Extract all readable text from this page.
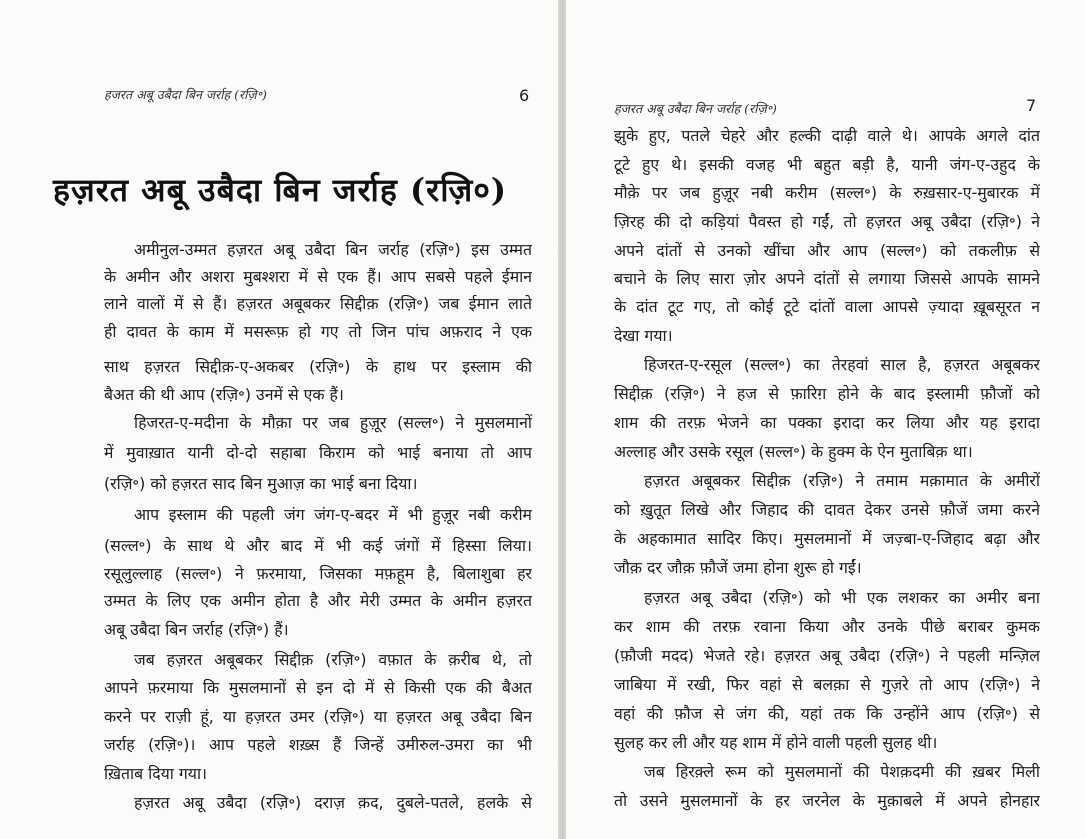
हजरत अबू उबैदा बिन जर्राह (रज़ि॰)	6
हज़रत अबू उबैदा बिन जर्राह (रज़ि०)
अमीनुल-उम्मत हज़रत अबू उबैदा बिन जर्राह (रज़ि॰) इस उम्मत
के अमीन और अशरा मुबश्शरा में से एक हैं। आप सबसे पहले ईमान
लाने वालों में से हैं। हज़रत अबूबकर सिद्दीक़ (रज़ि॰) जब ईमान लाते
ही दावत के काम में मसरूफ़ हो गए तो जिन पांच अफ़राद ने एक
साथ हज़रत सिद्दीक़-ए-अकबर (रज़ि॰) के हाथ पर इस्लाम की
बैअत की थी आप (रज़ि॰) उनमें से एक हैं।
हिजरत-ए-मदीना के मौक़ा पर जब हुज़ूर (सल्ल॰) ने मुसलमानों
में मुवाख़ात यानी दो-दो सहाबा किराम को भाई बनाया तो आप
(रज़ि॰) को हज़रत साद बिन मुआज़ का भाई बना दिया।
आप इस्लाम की पहली जंग जंग-ए-बदर में भी हुज़ूर नबी करीम
(सल्ल॰) के साथ थे और बाद में भी कई जंगों में हिस्सा लिया।
रसूलुल्लाह (सल्ल॰) ने फ़रमाया, जिसका मफ़हूम है, बिलाशुबा हर
उम्मत के लिए एक अमीन होता है और मेरी उम्मत के अमीन हज़रत
अबू उबैदा बिन जर्राह (रज़ि॰) हैं।
जब हज़रत अबूबकर सिद्दीक़ (रज़ि॰) वफ़ात के क़रीब थे, तो
आपने फ़रमाया कि मुसलमानों से इन दो में से किसी एक की बैअत
करने पर राज़ी हूं, या हज़रत उमर (रज़ि॰) या हज़रत अबू उबैदा बिन
जर्राह (रज़ि॰)। आप पहले शख़्स हैं जिन्हें उमीरुल-उमरा का भी
ख़िताब दिया गया।
हज़रत अबू उबैदा (रज़ि॰) दराज़ क़द, दुबले-पतले, हलके से
हजरत अबू उबैदा बिन जर्राह (रज़ि॰)	7
झुके हुए, पतले चेहरे और हल्की दाढ़ी वाले थे। आपके अगले दांत
टूटे हुए थे। इसकी वजह भी बहुत बड़ी है, यानी जंग-ए-उहुद के
मौक़े पर जब हुज़ूर नबी करीम (सल्ल॰) के रुख़सार-ए-मुबारक में
ज़िरह की दो कड़ियां पैवस्त हो गईं, तो हज़रत अबू उबैदा (रज़ि॰) ने
अपने दांतों से उनको खींचा और आप (सल्ल॰) को तकलीफ़ से
बचाने के लिए सारा ज़ोर अपने दांतों से लगाया जिससे आपके सामने
के दांत टूट गए, तो कोई टूटे दांतों वाला आपसे ज़्यादा ख़ूबसूरत न
देखा गया।
हिजरत-ए-रसूल (सल्ल॰) का तेरहवां साल है, हज़रत अबूबकर
सिद्दीक़ (रज़ि॰) ने हज से फ़ारिग़ होने के बाद इस्लामी फ़ौजों को
शाम की तरफ़ भेजने का पक्का इरादा कर लिया और यह इरादा
अल्लाह और उसके रसूल (सल्ल॰) के हुक्म के ऐन मुताबिक़ था।
हज़रत अबूबकर सिद्दीक़ (रज़ि॰) ने तमाम मक़ामात के अमीरों
को ख़ुतूत लिखे और जिहाद की दावत देकर उनसे फ़ौजें जमा करने
के अहकामात सादिर किए। मुसलमानों में जज़्बा-ए-जिहाद बढ़ा और
जौक़ दर जौक़ फ़ौजें जमा होना शुरू हो गईं।
हज़रत अबू उबैदा (रज़ि॰) को भी एक लशकर का अमीर बना
कर शाम की तरफ़ रवाना किया और उनके पीछे बराबर कुमक
(फ़ौजी मदद) भेजते रहे। हज़रत अबू उबैदा (रज़ि॰) ने पहली मन्ज़िल
जाबिया में रखी, फिर वहां से बलक़ा से गुज़रे तो आप (रज़ि॰) ने
वहां की फ़ौज से जंग की, यहां तक कि उन्होंने आप (रज़ि॰) से
सुलह कर ली और यह शाम में होने वाली पहली सुलह थी।
जब हिरक़्ले रूम को मुसलमानों की पेशक़दमी की ख़बर मिली
तो उसने मुसलमानों के हर जरनेल के मुक़ाबले में अपने होनहार
